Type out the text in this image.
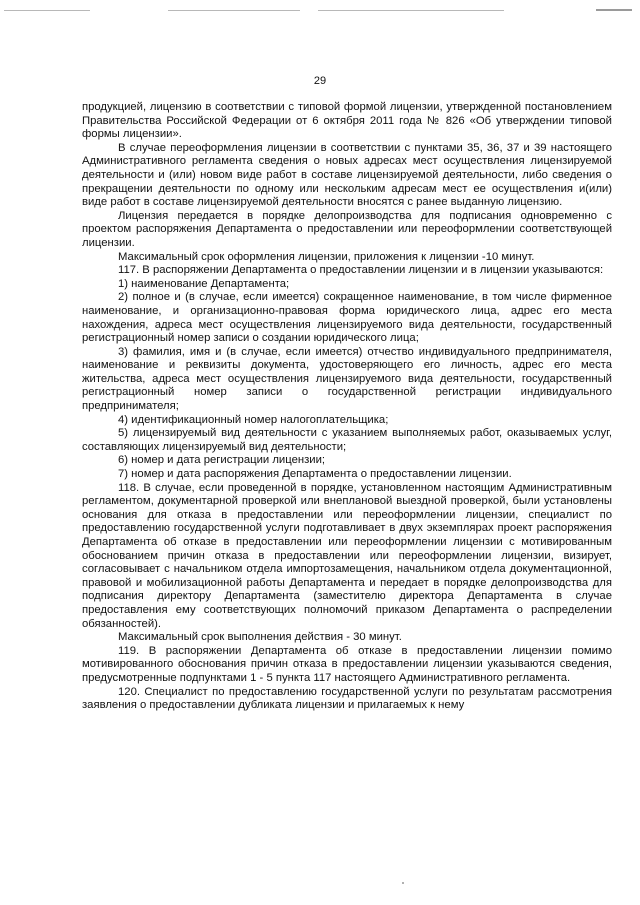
29

продукцией, лицензию в соответствии с типовой формой лицензии, утвержденной постановлением Правительства Российской Федерации от 6 октября 2011 года № 826 «Об утверждении типовой формы лицензии».

В случае переоформления лицензии в соответствии с пунктами 35, 36, 37 и 39 настоящего Административного регламента сведения о новых адресах мест осуществления лицензируемой деятельности и (или) новом виде работ в составе лицензируемой деятельности, либо сведения о прекращении деятельности по одному или нескольким адресам мест ее осуществления и(или) виде работ в составе лицензируемой деятельности вносятся с ранее выданную лицензию.

Лицензия передается в порядке делопроизводства для подписания одновременно с проектом распоряжения Департамента о предоставлении или переоформлении соответствующей лицензии.

Максимальный срок оформления лицензии, приложения к лицензии -10 минут.

117. В распоряжении Департамента о предоставлении лицензии и в лицензии указываются:

1) наименование Департамента;

2) полное и (в случае, если имеется) сокращенное наименование, в том числе фирменное наименование, и организационно-правовая форма юридического лица, адрес его места нахождения, адреса мест осуществления лицензируемого вида деятельности, государственный регистрационный номер записи о создании юридического лица;

3) фамилия, имя и (в случае, если имеется) отчество индивидуального предпринимателя, наименование и реквизиты документа, удостоверяющего его личность, адрес его места жительства, адреса мест осуществления лицензируемого вида деятельности, государственный регистрационный номер записи о государственной регистрации индивидуального предпринимателя;

4) идентификационный номер налогоплательщика;

5) лицензируемый вид деятельности с указанием выполняемых работ, оказываемых услуг, составляющих лицензируемый вид деятельности;

6) номер и дата регистрации лицензии;

7) номер и дата распоряжения Департамента о предоставлении лицензии.

118. В случае, если проведенной в порядке, установленном настоящим Административным регламентом, документарной проверкой или внеплановой выездной проверкой, были установлены основания для отказа в предоставлении или переоформлении лицензии, специалист по предоставлению государственной услуги подготавливает в двух экземплярах проект распоряжения Департамента об отказе в предоставлении или переоформлении лицензии с мотивированным обоснованием причин отказа в предоставлении или переоформлении лицензии, визирует, согласовывает с начальником отдела импортозамещения, начальником отдела документационной, правовой и мобилизационной работы Департамента и передает в порядке делопроизводства для подписания директору Департамента (заместителю директора Департамента в случае предоставления ему соответствующих полномочий приказом Департамента о распределении обязанностей).

Максимальный срок выполнения действия - 30 минут.

119. В распоряжении Департамента об отказе в предоставлении лицензии помимо мотивированного обоснования причин отказа в предоставлении лицензии указываются сведения, предусмотренные подпунктами 1 - 5 пункта 117 настоящего Административного регламента.

120. Специалист по предоставлению государственной услуги по результатам рассмотрения заявления о предоставлении дубликата лицензии и прилагаемых к нему
